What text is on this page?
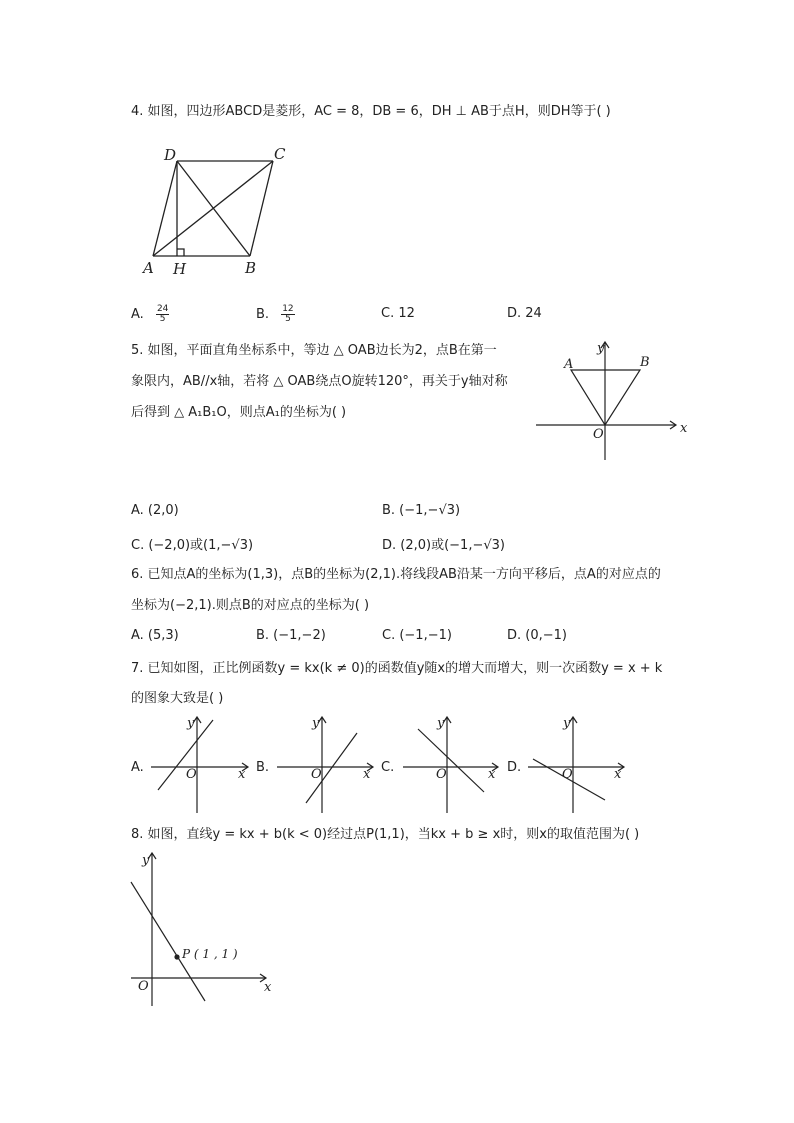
4. 如图，四边形ABCD是菱形，AC = 8，DB = 6，DH ⊥ AB于点H，则DH等于( )
D	C
A H	B
A. $\frac{24}{5}$	B. $\frac{12}{5}$	C. 12	D. 24
5. 如图，平面直角坐标系中，等边 △ OAB边长为2，点B在第一
象限内，AB//x轴，若将 △ OAB绕点O旋转120°，再关于y轴对称
后得到 △ A₁B₁O，则点A₁的坐标为( )
y
A	B
O	x
A. (2,0)	B. (−1,−√3)
C. (−2,0)或(1,−√3)	D. (2,0)或(−1,−√3)
6. 已知点A的坐标为(1,3)，点B的坐标为(2,1).将线段AB沿某一方向平移后，点A的对应点的
坐标为(−2,1).则点B的对应点的坐标为( )
A. (5,3)	B. (−1,−2)	C. (−1,−1)	D. (0,−1)
7. 已知如图，正比例函数y = kx(k ≠ 0)的函数值y随x的增大而增大，则一次函数y = x + k
的图象大致是( )
A.	B.	C.	D.
y
O	x
y
O	x
y
O	x
y
O	x
8. 如图，直线y = kx + b(k < 0)经过点P(1,1)，当kx + b ≥ x时，则x的取值范围为( )
y
x
O
P ( 1 , 1 )
